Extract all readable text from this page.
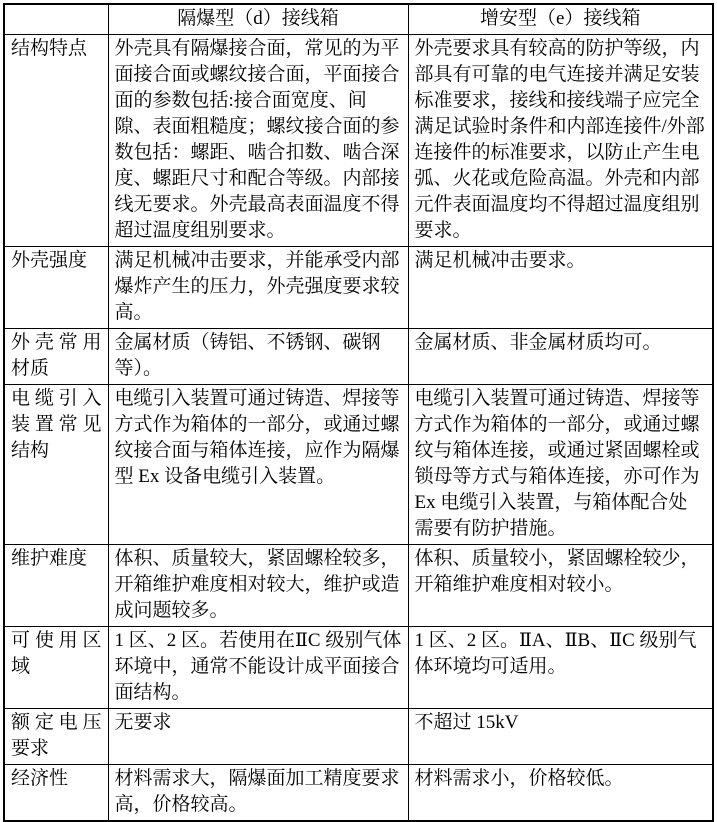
	隔爆型（d）接线箱	增安型（e）接线箱
结构特点	外壳具有隔爆接合面，常见的为平面接合面或螺纹接合面，平面接合面的参数包括:接合面宽度、间隙、表面粗糙度；螺纹接合面的参数包括：螺距、啮合扣数、啮合深度、螺距尺寸和配合等级。内部接线无要求。外壳最高表面温度不得超过温度组别要求。	外壳要求具有较高的防护等级，内部具有可靠的电气连接并满足安装标准要求，接线和接线端子应完全满足试验时条件和内部连接件/外部连接件的标准要求，以防止产生电弧、火花或危险高温。外壳和内部元件表面温度均不得超过温度组别要求。
外壳强度	满足机械冲击要求，并能承受内部爆炸产生的压力，外壳强度要求较高。	满足机械冲击要求。
外壳常用材质	金属材质（铸铝、不锈钢、碳钢等）。	金属材质、非金属材质均可。
电缆引入装置常见结构	电缆引入装置可通过铸造、焊接等方式作为箱体的一部分，或通过螺纹接合面与箱体连接，应作为隔爆型 Ex 设备电缆引入装置。	电缆引入装置可通过铸造、焊接等方式作为箱体的一部分，或通过螺纹与箱体连接，或通过紧固螺栓或锁母等方式与箱体连接，亦可作为 Ex 电缆引入装置，与箱体配合处需要有防护措施。
维护难度	体积、质量较大，紧固螺栓较多，开箱维护难度相对较大，维护或造成问题较多。	体积、质量较小，紧固螺栓较少，开箱维护难度相对较小。
可使用区域	1 区、2 区。若使用在ⅡC 级别气体环境中，通常不能设计成平面接合面结构。	1 区、2 区。ⅡA、ⅡB、ⅡC 级别气体环境均可适用。
额定电压要求	无要求	不超过 15kV
经济性	材料需求大，隔爆面加工精度要求高，价格较高。	材料需求小，价格较低。
